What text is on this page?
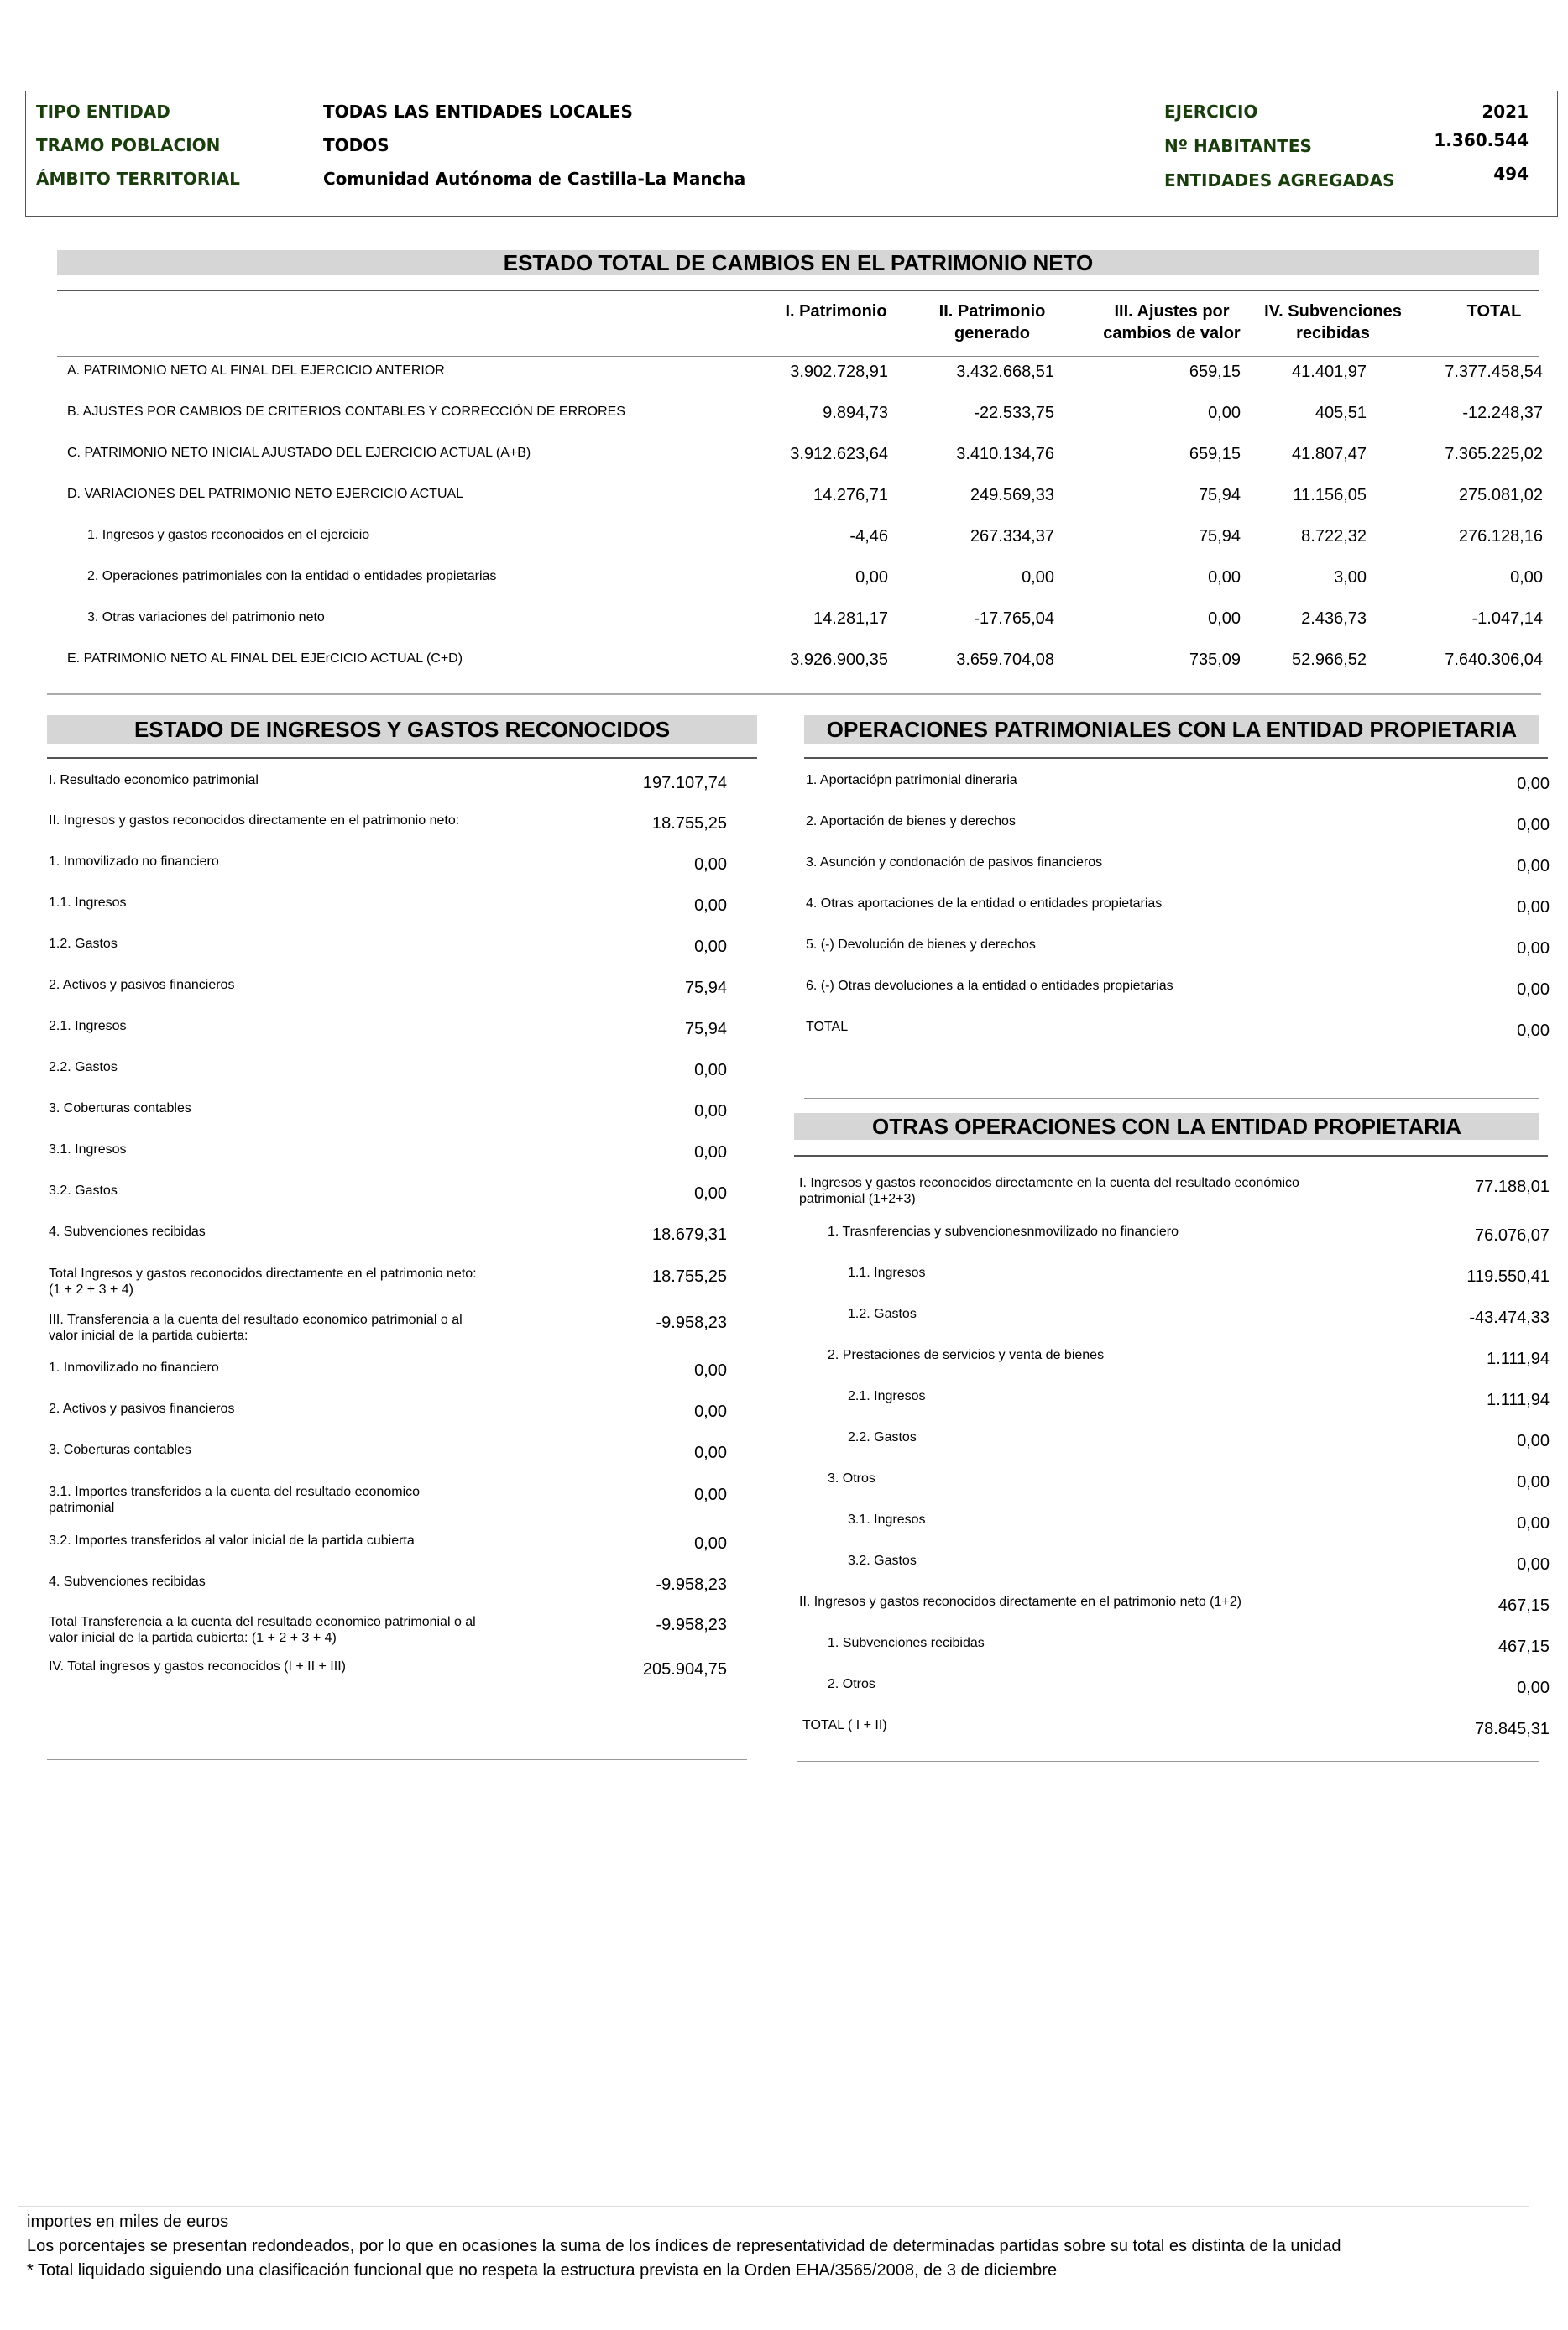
TIPO ENTIDAD	TODAS LAS ENTIDADES LOCALES
TRAMO POBLACION	TODOS
ÁMBITO TERRITORIAL	Comunidad Autónoma de Castilla-La Mancha
EJERCICIO	2021
Nº HABITANTES	1.360.544
ENTIDADES AGREGADAS	494
ESTADO TOTAL DE CAMBIOS EN EL PATRIMONIO NETO
I. Patrimonio	II. Patrimonio generado
III. Ajustes por cambios de valor
IV. Subvenciones recibidas
TOTAL
A. PATRIMONIO NETO AL FINAL DEL EJERCICIO ANTERIOR	3.902.728,91	3.432.668,51	659,15	41.401,97	7.377.458,54
B. AJUSTES POR CAMBIOS DE CRITERIOS CONTABLES Y CORRECCIÓN DE ERRORES	9.894,73	-22.533,75	0,00	405,51	-12.248,37
C. PATRIMONIO NETO INICIAL AJUSTADO DEL EJERCICIO ACTUAL (A+B)	3.912.623,64	3.410.134,76	659,15	41.807,47	7.365.225,02
D. VARIACIONES DEL PATRIMONIO NETO EJERCICIO ACTUAL	14.276,71	249.569,33	75,94	11.156,05	275.081,02
1. Ingresos y gastos reconocidos en el ejercicio	-4,46	267.334,37	75,94	8.722,32	276.128,16
2. Operaciones patrimoniales con la entidad o entidades propietarias	0,00	0,00	0,00	3,00	0,00
3. Otras variaciones del patrimonio neto	14.281,17	-17.765,04	0,00	2.436,73	-1.047,14
E. PATRIMONIO NETO AL FINAL DEL EJErCICIO ACTUAL (C+D)	3.926.900,35	3.659.704,08	735,09	52.966,52	7.640.306,04
ESTADO DE INGRESOS Y GASTOS RECONOCIDOS
I. Resultado economico patrimonial	197.107,74
II. Ingresos y gastos reconocidos directamente en el patrimonio neto:	18.755,25
1. Inmovilizado no financiero	0,00
1.1. Ingresos	0,00
1.2. Gastos	0,00
2. Activos y pasivos financieros	75,94
2.1. Ingresos	75,94
2.2. Gastos	0,00
3. Coberturas contables	0,00
3.1. Ingresos	0,00
3.2. Gastos	0,00
4. Subvenciones recibidas	18.679,31
Total Ingresos y gastos reconocidos directamente en el patrimonio neto:
(1 + 2 + 3 + 4)
18.755,25
III. Transferencia a la cuenta del resultado economico patrimonial o al
valor inicial de la partida cubierta:
-9.958,23
1. Inmovilizado no financiero	0,00
2. Activos y pasivos financieros	0,00
3. Coberturas contables	0,00
3.1. Importes transferidos a la cuenta del resultado economico
patrimonial
0,00
3.2. Importes transferidos al valor inicial de la partida cubierta	0,00
4. Subvenciones recibidas	-9.958,23
Total Transferencia a la cuenta del resultado economico patrimonial o al
valor inicial de la partida cubierta: (1 + 2 + 3 + 4)
-9.958,23
IV. Total ingresos y gastos reconocidos (I + II + III)	205.904,75
OPERACIONES PATRIMONIALES CON LA ENTIDAD PROPIETARIA
1. Aportaciópn patrimonial dineraria	0,00
2. Aportación de bienes y derechos	0,00
3. Asunción y condonación de pasivos financieros	0,00
4. Otras aportaciones de la entidad o entidades propietarias	0,00
5. (-) Devolución de bienes y derechos	0,00
6. (-) Otras devoluciones a la entidad o entidades propietarias	0,00
TOTAL	0,00
OTRAS OPERACIONES CON LA ENTIDAD PROPIETARIA
I. Ingresos y gastos reconocidos directamente en la cuenta del resultado económico
patrimonial (1+2+3)
77.188,01
1. Trasnferencias y subvencionesnmovilizado no financiero	76.076,07
1.1. Ingresos	119.550,41
1.2. Gastos	-43.474,33
2. Prestaciones de servicios y venta de bienes	1.111,94
2.1. Ingresos	1.111,94
2.2. Gastos	0,00
3. Otros	0,00
3.1. Ingresos	0,00
3.2. Gastos	0,00
II. Ingresos y gastos reconocidos directamente en el patrimonio neto (1+2)	467,15
1. Subvenciones recibidas	467,15
2. Otros	0,00
TOTAL ( I + II)	78.845,31
importes en miles de euros
Los porcentajes se presentan redondeados, por lo que en ocasiones la suma de los índices de representatividad de determinadas partidas sobre su total es distinta de la unidad
* Total liquidado siguiendo una clasificación funcional que no respeta la estructura prevista en la Orden EHA/3565/2008, de 3 de diciembre
